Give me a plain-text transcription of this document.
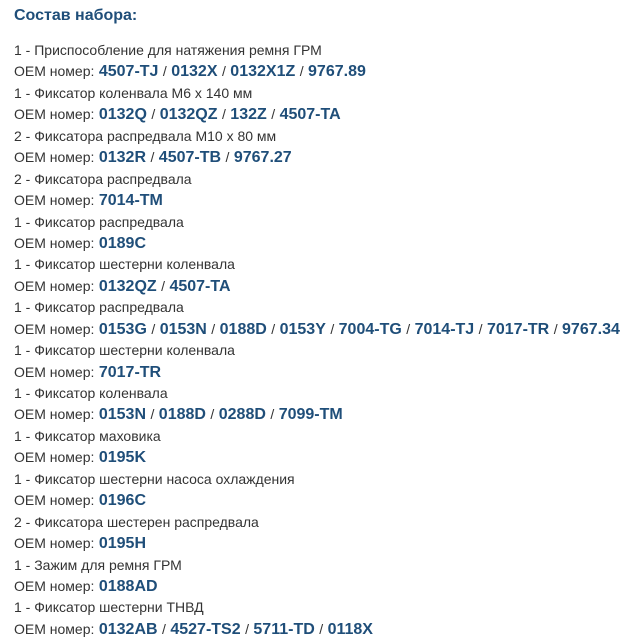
Состав набора:
1 - Приспособление для натяжения ремня ГРМ
OEM номер: 4507-TJ / 0132X / 0132X1Z / 9767.89
1 - Фиксатор коленвала М6 х 140 мм
OEM номер: 0132Q / 0132QZ / 132Z / 4507-TA
2 - Фиксатора распредвала М10 х 80 мм
OEM номер: 0132R / 4507-TB / 9767.27
2 - Фиксатора распредвала
OEM номер: 7014-TM
1 - Фиксатор распредвала
OEM номер: 0189C
1 - Фиксатор шестерни коленвала
OEM номер: 0132QZ / 4507-TA
1 - Фиксатор распредвала
OEM номер: 0153G / 0153N / 0188D / 0153Y / 7004-TG / 7014-TJ / 7017-TR / 9767.34
1 - Фиксатор шестерни коленвала
OEM номер: 7017-TR
1 - Фиксатор коленвала
OEM номер: 0153N / 0188D / 0288D / 7099-TM
1 - Фиксатор маховика
OEM номер: 0195K
1 - Фиксатор шестерни насоса охлаждения
OEM номер: 0196C
2 - Фиксатора шестерен распредвала
OEM номер: 0195H
1 - Зажим для ремня ГРМ
OEM номер: 0188AD
1 - Фиксатор шестерни ТНВД
OEM номер: 0132AB / 4527-TS2 / 5711-TD / 0118X
